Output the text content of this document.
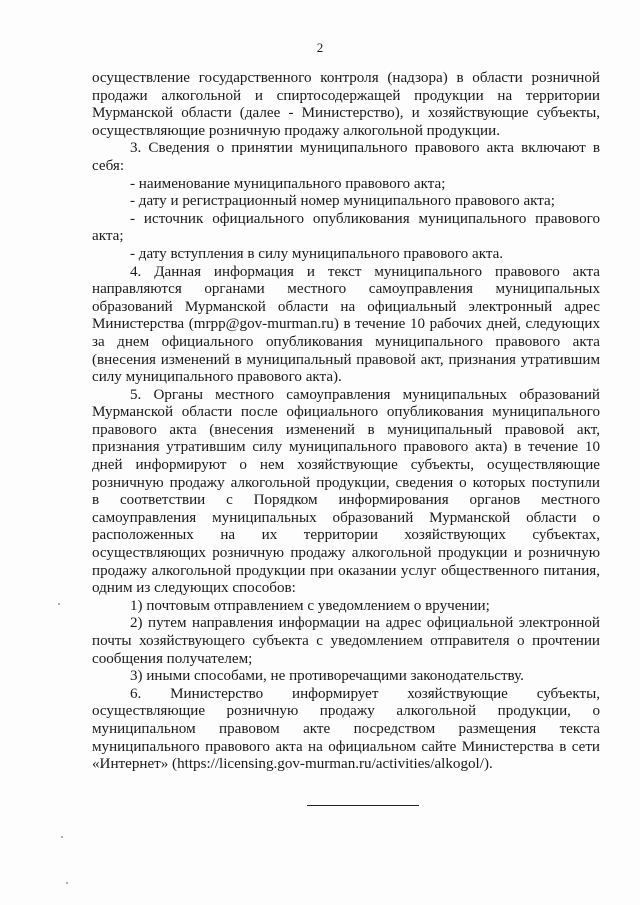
2
осуществление государственного контроля (надзора) в области розничной
продажи алкогольной и спиртосодержащей продукции на территории
Мурманской области (далее - Министерство), и хозяйствующие субъекты,
осуществляющие розничную продажу алкогольной продукции.
3. Сведения о принятии муниципального правового акта включают в
себя:
- наименование муниципального правового акта;
- дату и регистрационный номер муниципального правового акта;
- источник официального опубликования муниципального правового
акта;
- дату вступления в силу муниципального правового акта.
4. Данная информация и текст муниципального правового акта
направляются органами местного самоуправления муниципальных
образований Мурманской области на официальный электронный адрес
Министерства (mrpp@gov-murman.ru) в течение 10 рабочих дней, следующих
за днем официального опубликования муниципального правового акта
(внесения изменений в муниципальный правовой акт, признания утратившим
силу муниципального правового акта).
5. Органы местного самоуправления муниципальных образований
Мурманской области после официального опубликования муниципального
правового акта (внесения изменений в муниципальный правовой акт,
признания утратившим силу муниципального правового акта) в течение 10
дней информируют о нем хозяйствующие субъекты, осуществляющие
розничную продажу алкогольной продукции, сведения о которых поступили
в соответствии с Порядком информирования органов местного
самоуправления муниципальных образований Мурманской области о
расположенных на их территории хозяйствующих субъектах,
осуществляющих розничную продажу алкогольной продукции и розничную
продажу алкогольной продукции при оказании услуг общественного питания,
одним из следующих способов:
1) почтовым отправлением с уведомлением о вручении;
2) путем направления информации на адрес официальной электронной
почты хозяйствующего субъекта с уведомлением отправителя о прочтении
сообщения получателем;
3) иными способами, не противоречащими законодательству.
6. Министерство информирует хозяйствующие субъекты,
осуществляющие розничную продажу алкогольной продукции, о
муниципальном правовом акте посредством размещения текста
муниципального правового акта на официальном сайте Министерства в сети
«Интернет» (https://licensing.gov-murman.ru/activities/alkogol/).
